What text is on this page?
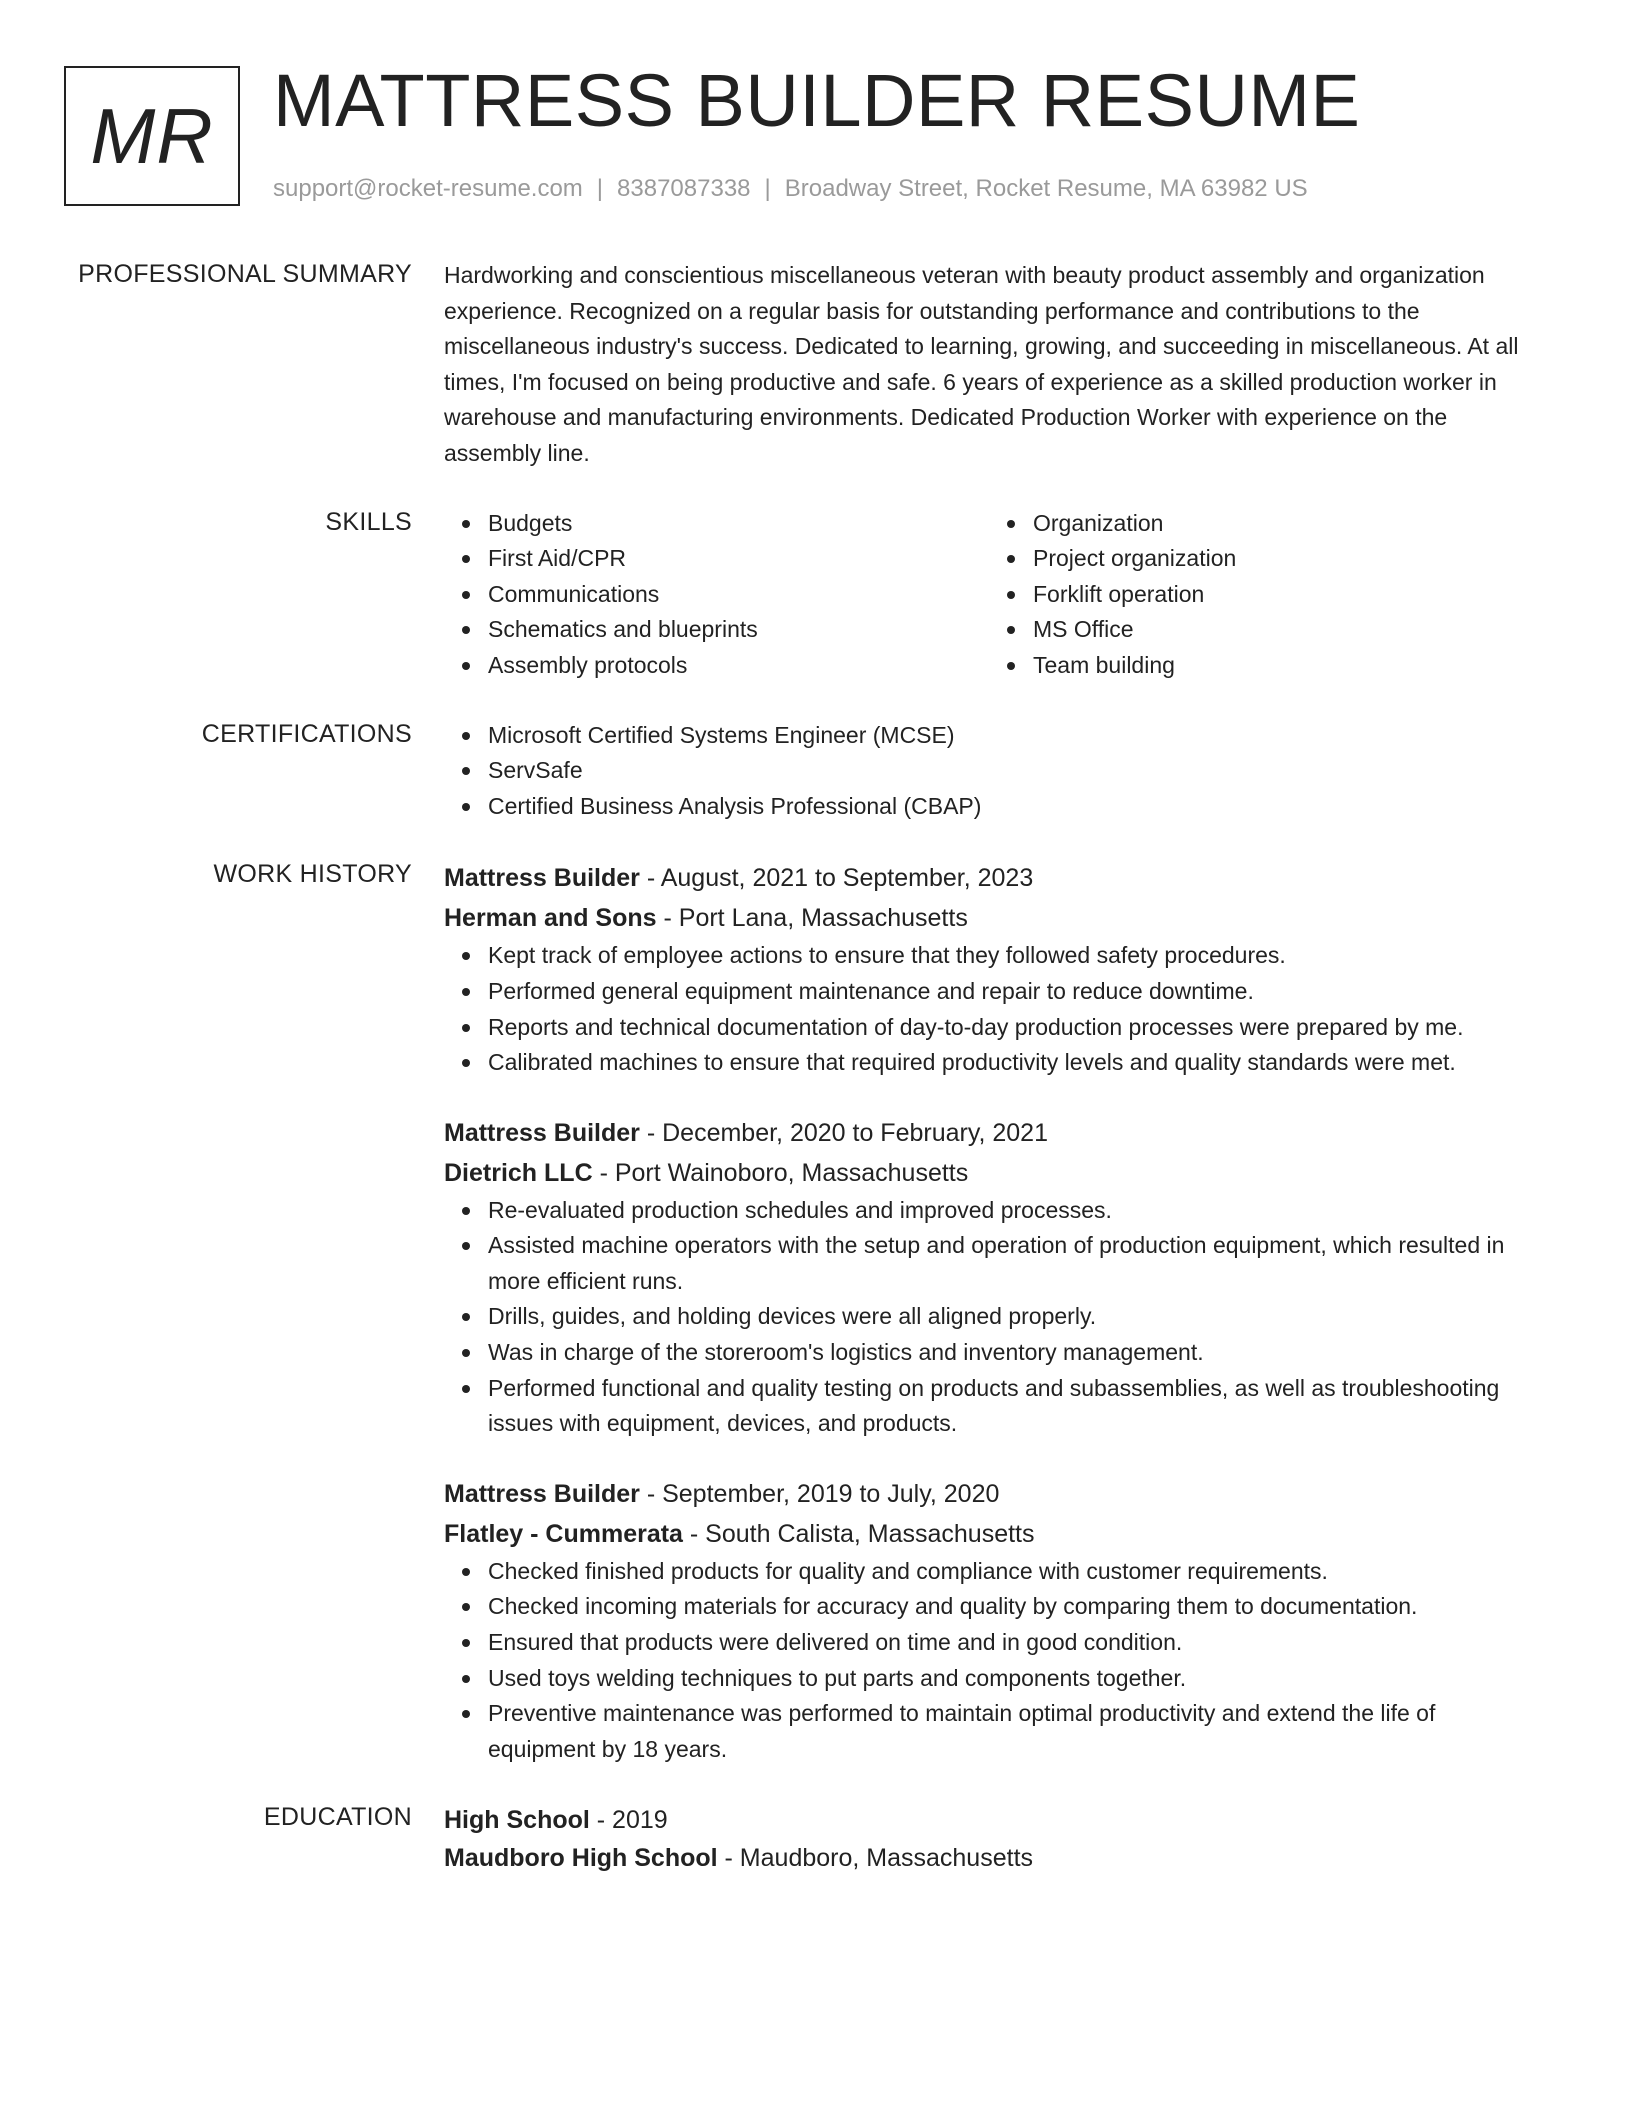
MR MATTRESS BUILDER RESUME
support@rocket-resume.com | 8387087338 | Broadway Street, Rocket Resume, MA 63982 US
PROFESSIONAL SUMMARY Hardworking and conscientious miscellaneous veteran with beauty product assembly and organization experience. Recognized on a regular basis for outstanding performance and contributions to the miscellaneous industry's success. Dedicated to learning, growing, and succeeding in miscellaneous. At all times, I'm focused on being productive and safe. 6 years of experience as a skilled production worker in warehouse and manufacturing environments. Dedicated Production Worker with experience on the assembly line.

SKILLS	Budgets
First Aid/CPR
Communications
Schematics and blueprints
Assembly protocols
Organization
Project organization
Forklift operation
MS Office
Team building
CERTIFICATIONS	Microsoft Certified Systems Engineer (MCSE)
ServSafe
Certified Business Analysis Professional (CBAP)
WORK HISTORY Mattress Builder - August, 2021 to September, 2023
Herman and Sons - Port Lana, Massachusetts
Kept track of employee actions to ensure that they followed safety procedures.
Performed general equipment maintenance and repair to reduce downtime.
Reports and technical documentation of day-to-day production processes were prepared by me.
Calibrated machines to ensure that required productivity levels and quality standards were met.
Mattress Builder - December, 2020 to February, 2021
Dietrich LLC - Port Wainoboro, Massachusetts
Re-evaluated production schedules and improved processes.
Assisted machine operators with the setup and operation of production equipment, which resulted in more efficient runs.
Drills, guides, and holding devices were all aligned properly.
Was in charge of the storeroom's logistics and inventory management.
Performed functional and quality testing on products and subassemblies, as well as troubleshooting issues with equipment, devices, and products.
Mattress Builder - September, 2019 to July, 2020
Flatley - Cummerata - South Calista, Massachusetts
Checked finished products for quality and compliance with customer requirements.
Checked incoming materials for accuracy and quality by comparing them to documentation.
Ensured that products were delivered on time and in good condition.
Used toys welding techniques to put parts and components together.
Preventive maintenance was performed to maintain optimal productivity and extend the life of equipment by 18 years.
EDUCATION High School - 2019
Maudboro High School - Maudboro, Massachusetts
